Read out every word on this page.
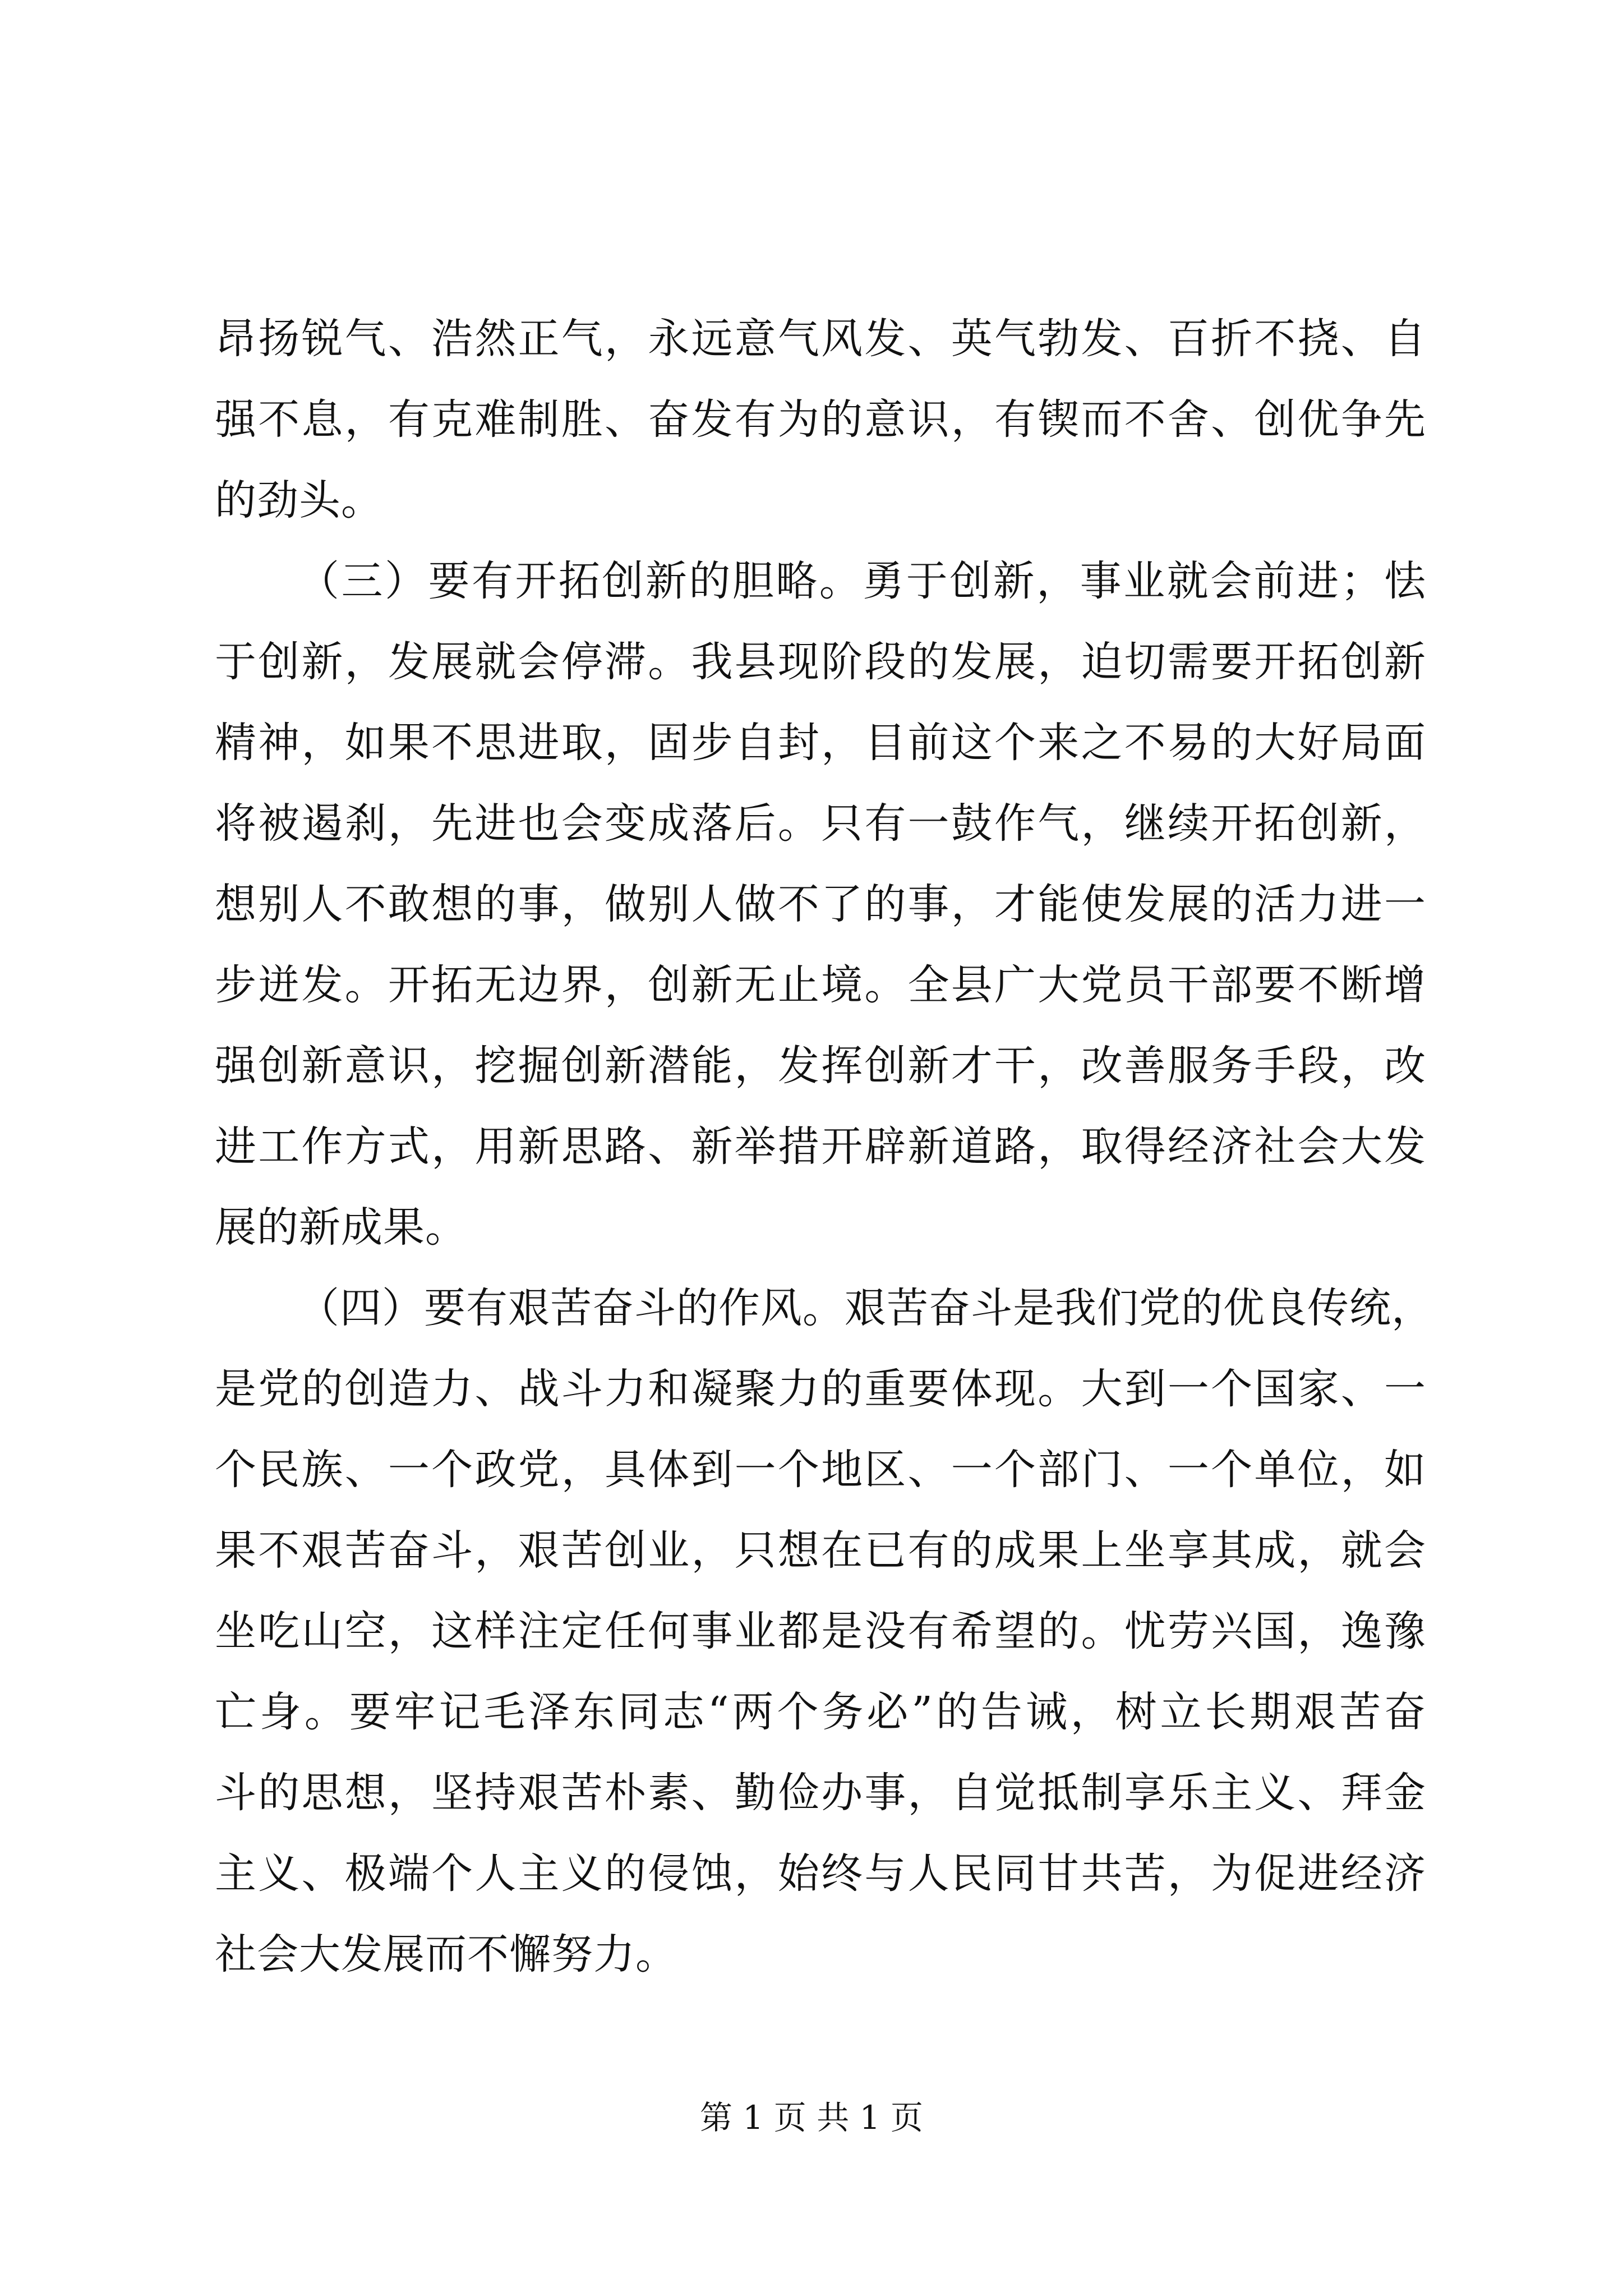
昂扬锐气、浩然正气，永远意气风发、英气勃发、百折不挠、自
强不息，有克难制胜、奋发有为的意识，有锲而不舍、创优争先
的劲头。
（三）要有开拓创新的胆略。勇于创新，事业就会前进；怯
于创新，发展就会停滞。我县现阶段的发展，迫切需要开拓创新
精神，如果不思进取，固步自封，目前这个来之不易的大好局面
将被遏刹，先进也会变成落后。只有一鼓作气，继续开拓创新，
想别人不敢想的事，做别人做不了的事，才能使发展的活力进一
步迸发。开拓无边界，创新无止境。全县广大党员干部要不断增
强创新意识，挖掘创新潜能，发挥创新才干，改善服务手段，改
进工作方式，用新思路、新举措开辟新道路，取得经济社会大发
展的新成果。
（四）要有艰苦奋斗的作风。艰苦奋斗是我们党的优良传统，
是党的创造力、战斗力和凝聚力的重要体现。大到一个国家、一
个民族、一个政党，具体到一个地区、一个部门、一个单位，如
果不艰苦奋斗，艰苦创业，只想在已有的成果上坐享其成，就会
坐吃山空，这样注定任何事业都是没有希望的。忧劳兴国，逸豫
亡身。要牢记毛泽东同志“两个务必”的告诫，树立长期艰苦奋
斗的思想，坚持艰苦朴素、勤俭办事，自觉抵制享乐主义、拜金
主义、极端个人主义的侵蚀，始终与人民同甘共苦，为促进经济
社会大发展而不懈努力。
第 1 页 共 1 页
